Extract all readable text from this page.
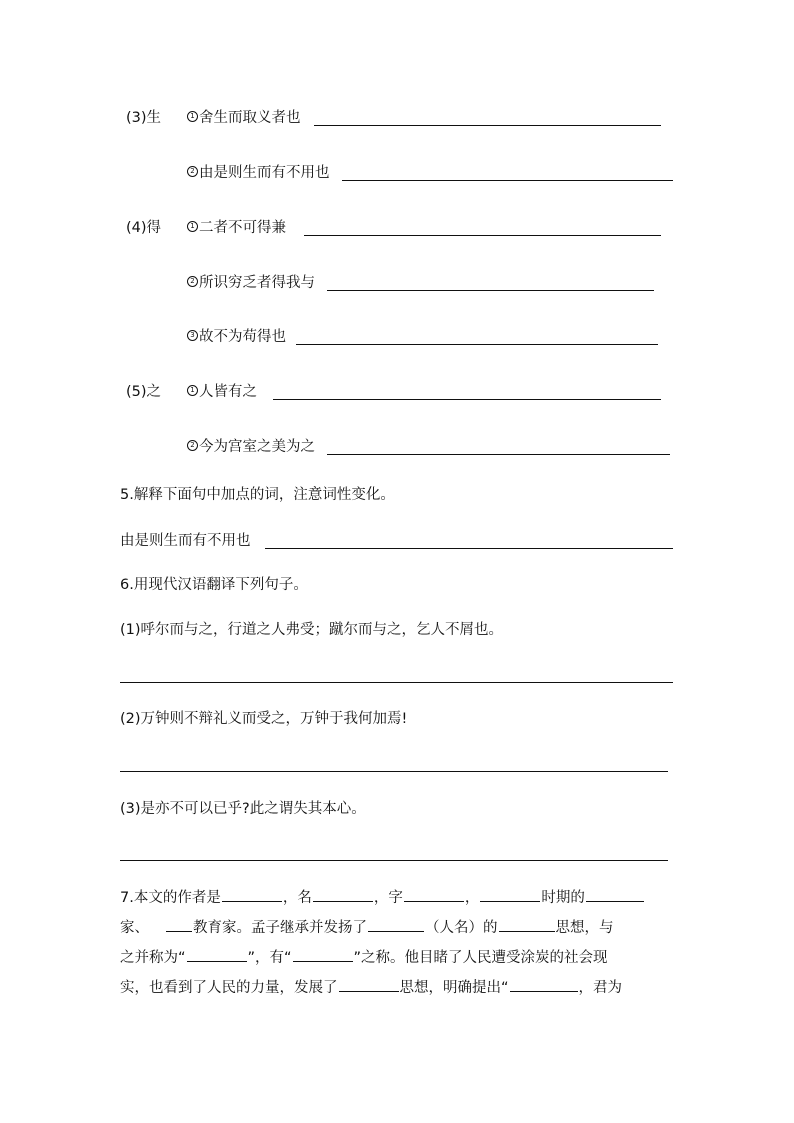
(3)生	1 舍生而取义者也
2 由是则生而有不用也
(4)得	1 二者不可得兼
2 所识穷乏者得我与
3 故不为苟得也
(5)之	1 人皆有之
2 今为宫室之美为之
5.解释下面句中加点的词，注意词性变化。
由是则生而有不用也
6.用现代汉语翻译下列句子。
(1)呼尔而与之，行道之人弗受；蹴尔而与之，乞人不屑也。
(2)万钟则不辩礼义而受之，万钟于我何加焉!
(3)是亦不可以已乎?此之谓失其本心。
7.本文的作者是	，名	，字	，	时期的
家、	教育家。孟子继承并发扬了	（人名）的	思想，与
之并称为“	”，有“	”之称。他目睹了人民遭受涂炭的社会现
实，也看到了人民的力量，发展了	思想，明确提出“	，君为
